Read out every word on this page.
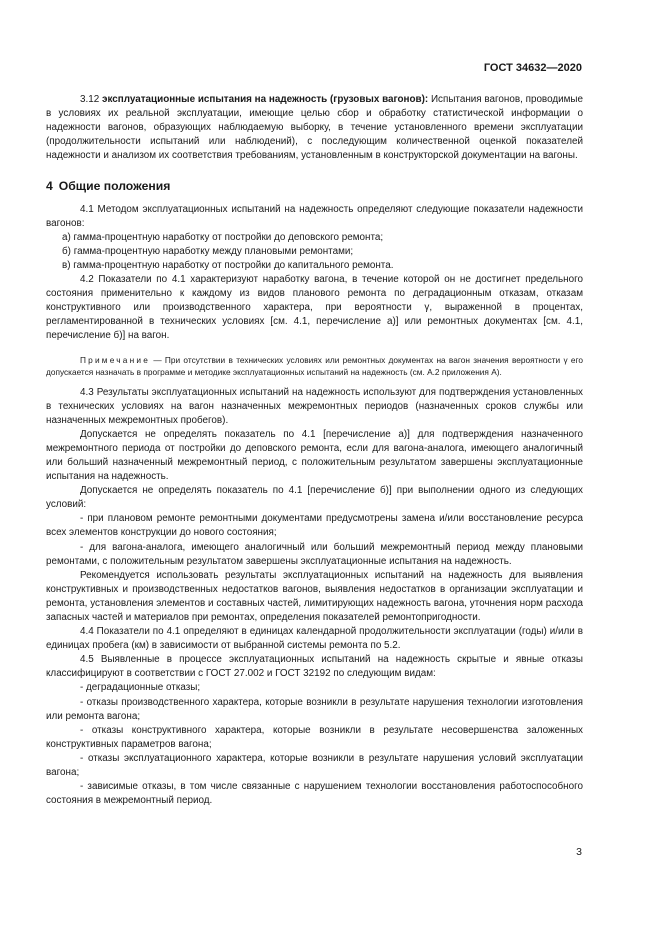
ГОСТ 34632—2020

3.12 эксплуатационные испытания на надежность (грузовых вагонов): Испытания вагонов, проводимые в условиях их реальной эксплуатации, имеющие целью сбор и обработку статистической информации о надежности вагонов, образующих наблюдаемую выборку, в течение установленного времени эксплуатации (продолжительности испытаний или наблюдений), с последующим количественной оценкой показателей надежности и анализом их соответствия требованиям, установленным в конструкторской документации на вагоны.

4 Общие положения

4.1 Методом эксплуатационных испытаний на надежность определяют следующие показатели надежности вагонов:

а) гамма-процентную наработку от постройки до деповского ремонта;

б) гамма-процентную наработку между плановыми ремонтами;

в) гамма-процентную наработку от постройки до капитального ремонта.

4.2 Показатели по 4.1 характеризуют наработку вагона, в течение которой он не достигнет предельного состояния применительно к каждому из видов планового ремонта по деградационным отказам, отказам конструктивного или производственного характера, при вероятности γ, выраженной в процентах, регламентированной в технических условиях [см. 4.1, перечисление а)] или ремонтных документах [см. 4.1, перечисление б)] на вагон.

Примечание — При отсутствии в технических условиях или ремонтных документах на вагон значения вероятности γ его допускается назначать в программе и методике эксплуатационных испытаний на надежность (см. А.2 приложения А).

4.3 Результаты эксплуатационных испытаний на надежность используют для подтверждения установленных в технических условиях на вагон назначенных межремонтных периодов (назначенных сроков службы или назначенных межремонтных пробегов).

Допускается не определять показатель по 4.1 [перечисление а)] для подтверждения назначенного межремонтного периода от постройки до деповского ремонта, если для вагона-аналога, имеющего аналогичный или больший назначенный межремонтный период, с положительным результатом завершены эксплуатационные испытания на надежность.

Допускается не определять показатель по 4.1 [перечисление б)] при выполнении одного из следующих условий:

- при плановом ремонте ремонтными документами предусмотрены замена и/или восстановление ресурса всех элементов конструкции до нового состояния;

- для вагона-аналога, имеющего аналогичный или больший межремонтный период между плановыми ремонтами, с положительным результатом завершены эксплуатационные испытания на надежность.

Рекомендуется использовать результаты эксплуатационных испытаний на надежность для выявления конструктивных и производственных недостатков вагонов, выявления недостатков в организации эксплуатации и ремонта, установления элементов и составных частей, лимитирующих надежность вагона, уточнения норм расхода запасных частей и материалов при ремонтах, определения показателей ремонтопригодности.

4.4 Показатели по 4.1 определяют в единицах календарной продолжительности эксплуатации (годы) и/или в единицах пробега (км) в зависимости от выбранной системы ремонта по 5.2.

4.5 Выявленные в процессе эксплуатационных испытаний на надежность скрытые и явные отказы классифицируют в соответствии с ГОСТ 27.002 и ГОСТ 32192 по следующим видам:

- деградационные отказы;

- отказы производственного характера, которые возникли в результате нарушения технологии изготовления или ремонта вагона;

- отказы конструктивного характера, которые возникли в результате несовершенства заложенных конструктивных параметров вагона;

- отказы эксплуатационного характера, которые возникли в результате нарушения условий эксплуатации вагона;

- зависимые отказы, в том числе связанные с нарушением технологии восстановления работоспособного состояния в межремонтный период.

3
